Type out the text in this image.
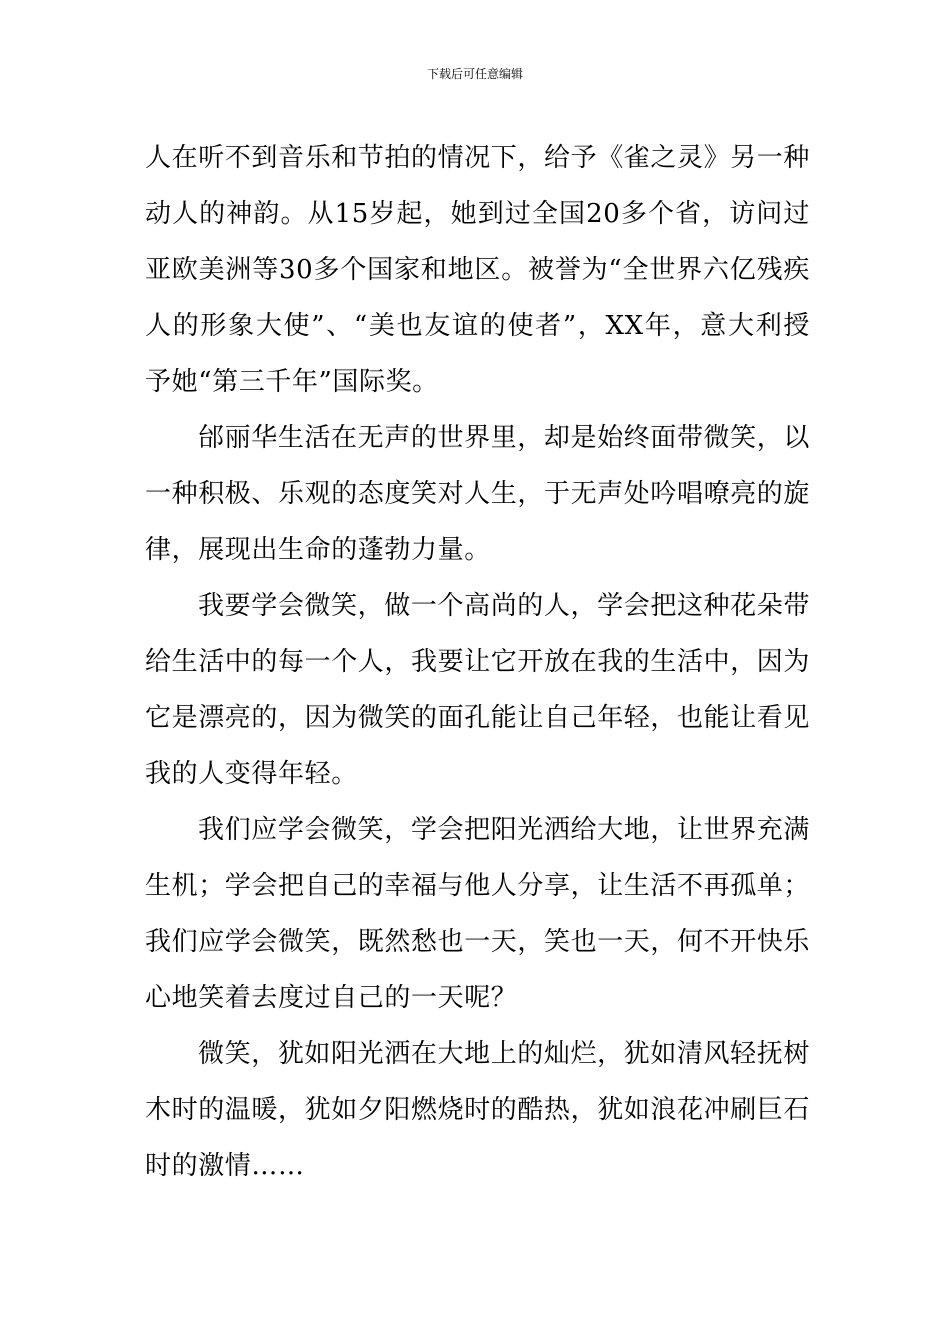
下载后可任意编辑

人在听不到音乐和节拍的情况下，给予《雀之灵》另一种动人的神韵。从15岁起，她到过全国20多个省，访问过亚欧美洲等30多个国家和地区。被誉为“全世界六亿残疾人的形象大使”、“美也友谊的使者”，XX年，意大利授予她“第三千年”国际奖。

邰丽华生活在无声的世界里，却是始终面带微笑，以一种积极、乐观的态度笑对人生，于无声处吟唱嘹亮的旋律，展现出生命的蓬勃力量。

我要学会微笑，做一个高尚的人，学会把这种花朵带给生活中的每一个人，我要让它开放在我的生活中，因为它是漂亮的，因为微笑的面孔能让自己年轻，也能让看见我的人变得年轻。

我们应学会微笑，学会把阳光洒给大地，让世界充满生机；学会把自己的幸福与他人分享，让生活不再孤单；我们应学会微笑，既然愁也一天，笑也一天，何不开快乐心地笑着去度过自己的一天呢？

微笑，犹如阳光洒在大地上的灿烂，犹如清风轻抚树木时的温暖，犹如夕阳燃烧时的酷热，犹如浪花冲刷巨石时的激情……
